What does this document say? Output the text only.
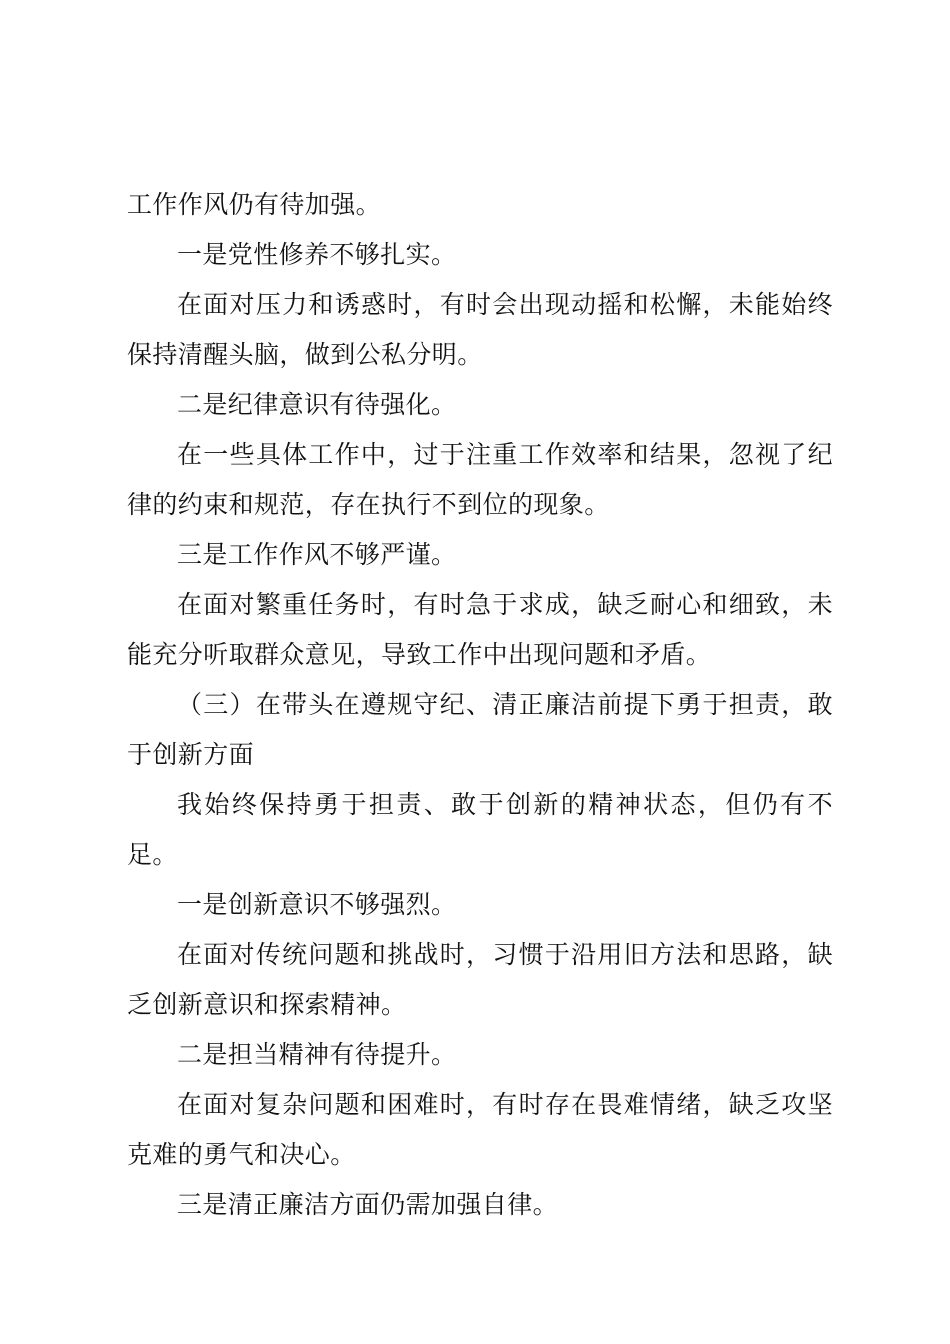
工作作风仍有待加强。

一是党性修养不够扎实。

在面对压力和诱惑时，有时会出现动摇和松懈，未能始终保持清醒头脑，做到公私分明。

二是纪律意识有待强化。

在一些具体工作中，过于注重工作效率和结果，忽视了纪律的约束和规范，存在执行不到位的现象。

三是工作作风不够严谨。

在面对繁重任务时，有时急于求成，缺乏耐心和细致，未能充分听取群众意见，导致工作中出现问题和矛盾。

（三）在带头在遵规守纪、清正廉洁前提下勇于担责，敢于创新方面

我始终保持勇于担责、敢于创新的精神状态，但仍有不足。

一是创新意识不够强烈。

在面对传统问题和挑战时，习惯于沿用旧方法和思路，缺乏创新意识和探索精神。

二是担当精神有待提升。

在面对复杂问题和困难时，有时存在畏难情绪，缺乏攻坚克难的勇气和决心。

三是清正廉洁方面仍需加强自律。
